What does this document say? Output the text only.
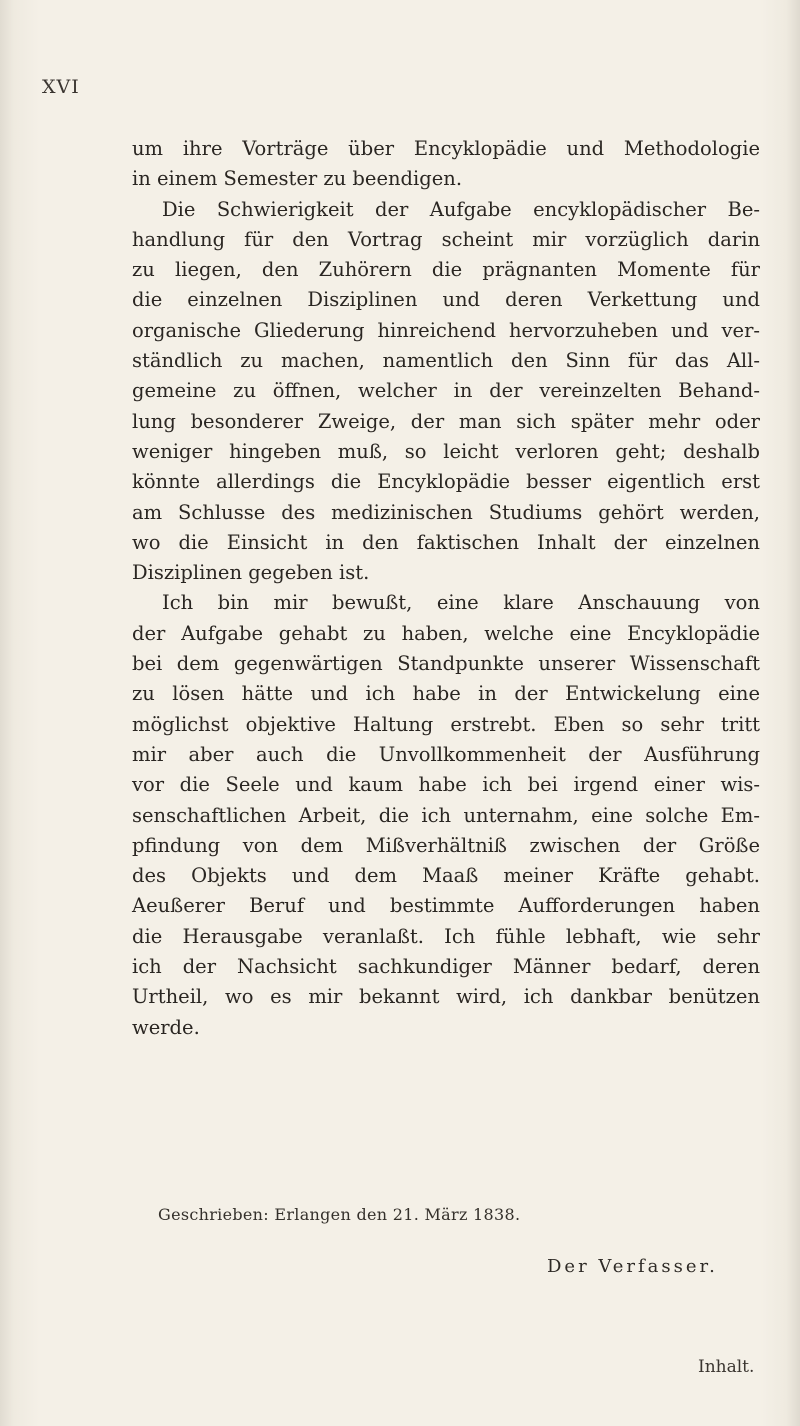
XVI
um ihre Vorträge über Encyklopädie und Methodologie
in einem Semester zu beendigen.
Die Schwierigkeit der Aufgabe encyklopädischer Be-
handlung für den Vortrag scheint mir vorzüglich darin
zu liegen, den Zuhörern die prägnanten Momente für
die einzelnen Disziplinen und deren Verkettung und
organische Gliederung hinreichend hervorzuheben und ver-
ständlich zu machen, namentlich den Sinn für das All-
gemeine zu öffnen, welcher in der vereinzelten Behand-
lung besonderer Zweige, der man sich später mehr oder
weniger hingeben muß, so leicht verloren geht; deshalb
könnte allerdings die Encyklopädie besser eigentlich erst
am Schlusse des medizinischen Studiums gehört werden,
wo die Einsicht in den faktischen Inhalt der einzelnen
Disziplinen gegeben ist.
Ich bin mir bewußt, eine klare Anschauung von
der Aufgabe gehabt zu haben, welche eine Encyklopädie
bei dem gegenwärtigen Standpunkte unserer Wissenschaft
zu lösen hätte und ich habe in der Entwickelung eine
möglichst objektive Haltung erstrebt. Eben so sehr tritt
mir aber auch die Unvollkommenheit der Ausführung
vor die Seele und kaum habe ich bei irgend einer wis-
senschaftlichen Arbeit, die ich unternahm, eine solche Em-
pfindung von dem Mißverhältniß zwischen der Größe
des Objekts und dem Maaß meiner Kräfte gehabt.
Aeußerer Beruf und bestimmte Aufforderungen haben
die Herausgabe veranlaßt. Ich fühle lebhaft, wie sehr
ich der Nachsicht sachkundiger Männer bedarf, deren
Urtheil, wo es mir bekannt wird, ich dankbar benützen
werde.
Geschrieben: Erlangen den 21. März 1838.
Der Verfasser.
Inhalt.
